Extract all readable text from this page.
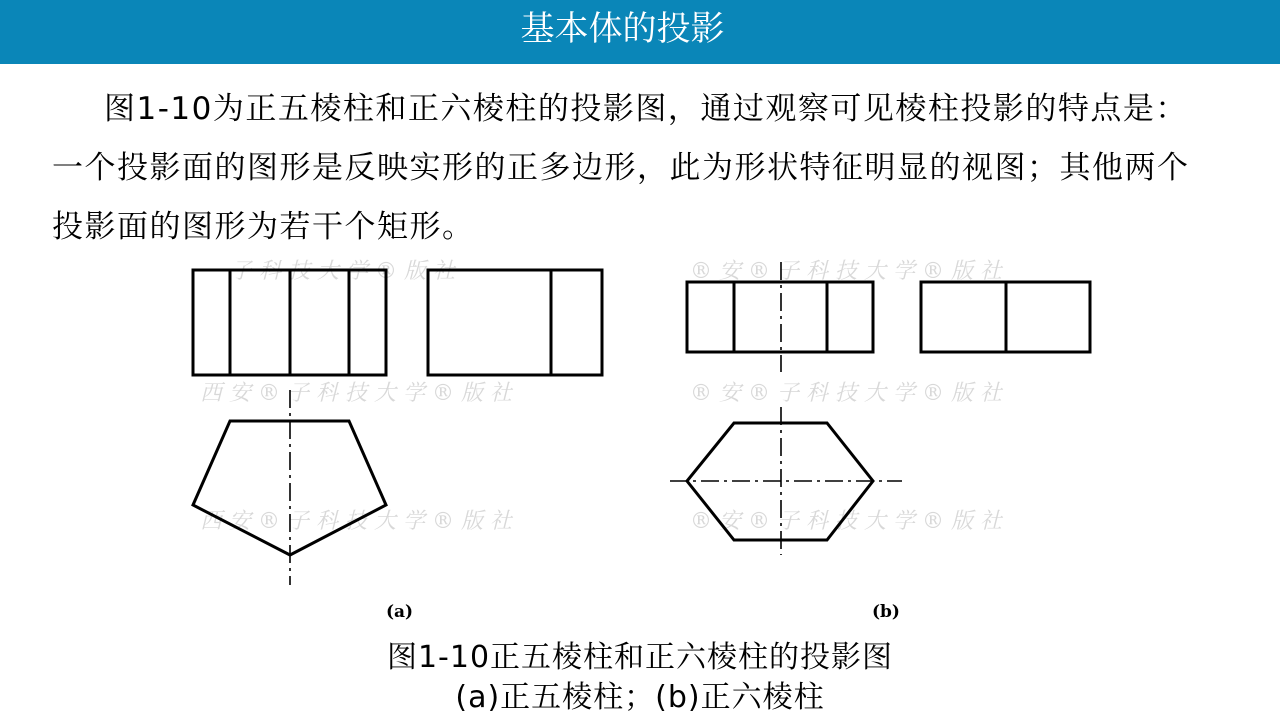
基本体的投影
图1-10为正五棱柱和正六棱柱的投影图，通过观察可见棱柱投影的特点是：一个投影面的图形是反映实形的正多边形，此为形状特征明显的视图；其他两个投影面的图形为若干个矩形。
西 安 ® 子 科 技 大 学 ® 版 社
西 安 ® 子 科 技 大 学 ® 版 社
® 安 ® 子 科 技 大 学 ® 版 社
® 安 ® 子 科 技 大 学 ® 版 社
® 安 ® 子 科 技 大 学 ® 版 社
子 科 技 大 学 ® 版 社
(a)	(b)
图1-10正五棱柱和正六棱柱的投影图
(a)正五棱柱；(b)正六棱柱
